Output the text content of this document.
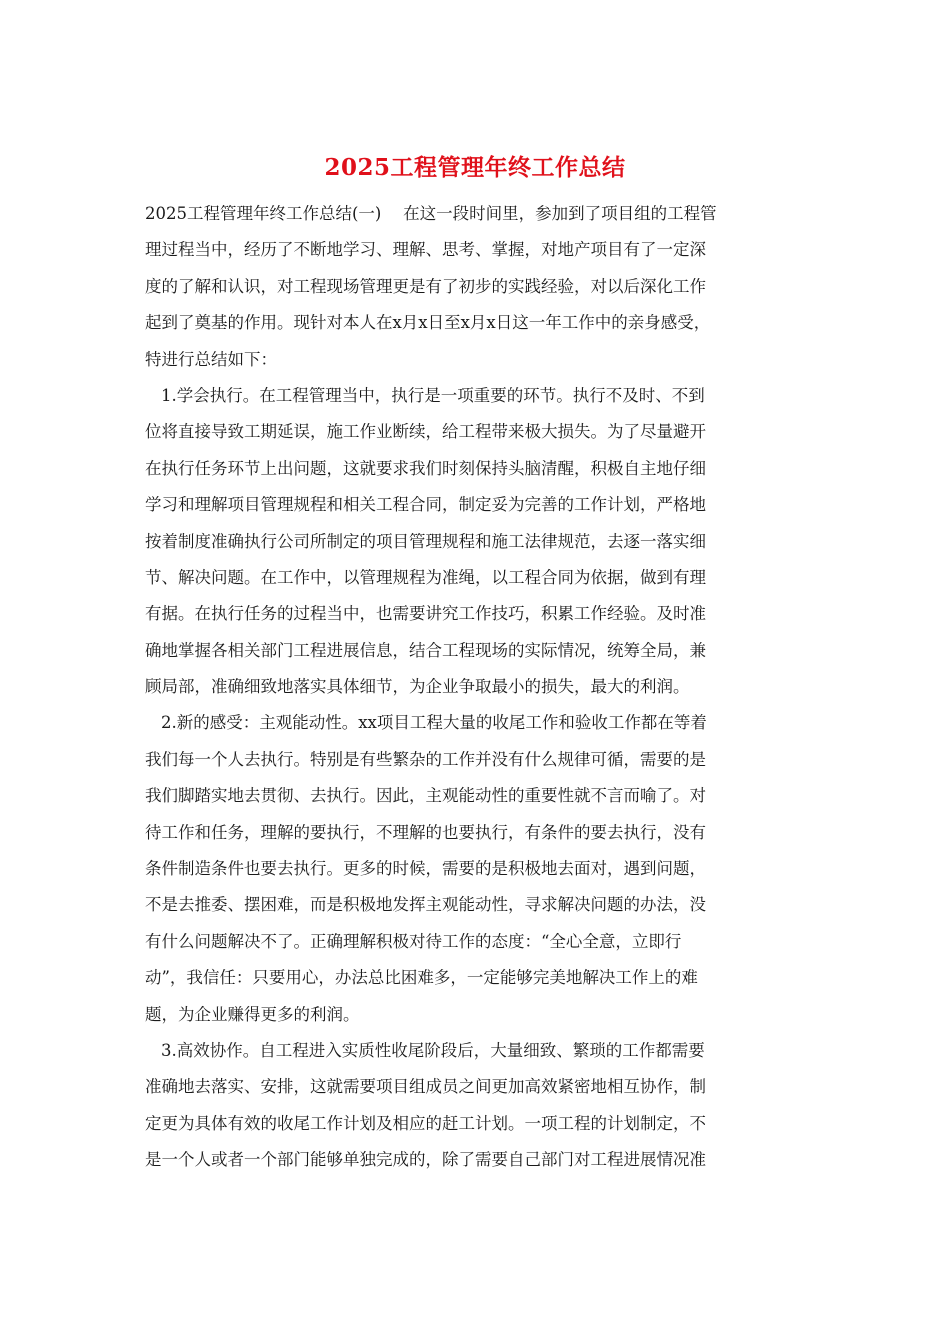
2025工程管理年终工作总结
2025工程管理年终工作总结(一)　 在这一段时间里，参加到了项目组的工程管
理过程当中，经历了不断地学习、理解、思考、掌握，对地产项目有了一定深
度的了解和认识，对工程现场管理更是有了初步的实践经验，对以后深化工作
起到了奠基的作用。现针对本人在x月x日至x月x日这一年工作中的亲身感受，
特进行总结如下：
1.学会执行。在工程管理当中，执行是一项重要的环节。执行不及时、不到
位将直接导致工期延误，施工作业断续，给工程带来极大损失。为了尽量避开
在执行任务环节上出问题，这就要求我们时刻保持头脑清醒，积极自主地仔细
学习和理解项目管理规程和相关工程合同，制定妥为完善的工作计划，严格地
按着制度准确执行公司所制定的项目管理规程和施工法律规范，去逐一落实细
节、解决问题。在工作中，以管理规程为准绳，以工程合同为依据，做到有理
有据。在执行任务的过程当中，也需要讲究工作技巧，积累工作经验。及时准
确地掌握各相关部门工程进展信息，结合工程现场的实际情况，统筹全局，兼
顾局部，准确细致地落实具体细节，为企业争取最小的损失，最大的利润。
2.新的感受：主观能动性。xx项目工程大量的收尾工作和验收工作都在等着
我们每一个人去执行。特别是有些繁杂的工作并没有什么规律可循，需要的是
我们脚踏实地去贯彻、去执行。因此，主观能动性的重要性就不言而喻了。对
待工作和任务，理解的要执行，不理解的也要执行，有条件的要去执行，没有
条件制造条件也要去执行。更多的时候，需要的是积极地去面对，遇到问题，
不是去推委、摆困难，而是积极地发挥主观能动性，寻求解决问题的办法，没
有什么问题解决不了。正确理解积极对待工作的态度：“全心全意，立即行
动”，我信任：只要用心，办法总比困难多，一定能够完美地解决工作上的难
题，为企业赚得更多的利润。
3.高效协作。自工程进入实质性收尾阶段后，大量细致、繁琐的工作都需要
准确地去落实、安排，这就需要项目组成员之间更加高效紧密地相互协作，制
定更为具体有效的收尾工作计划及相应的赶工计划。一项工程的计划制定，不
是一个人或者一个部门能够单独完成的，除了需要自己部门对工程进展情况准
